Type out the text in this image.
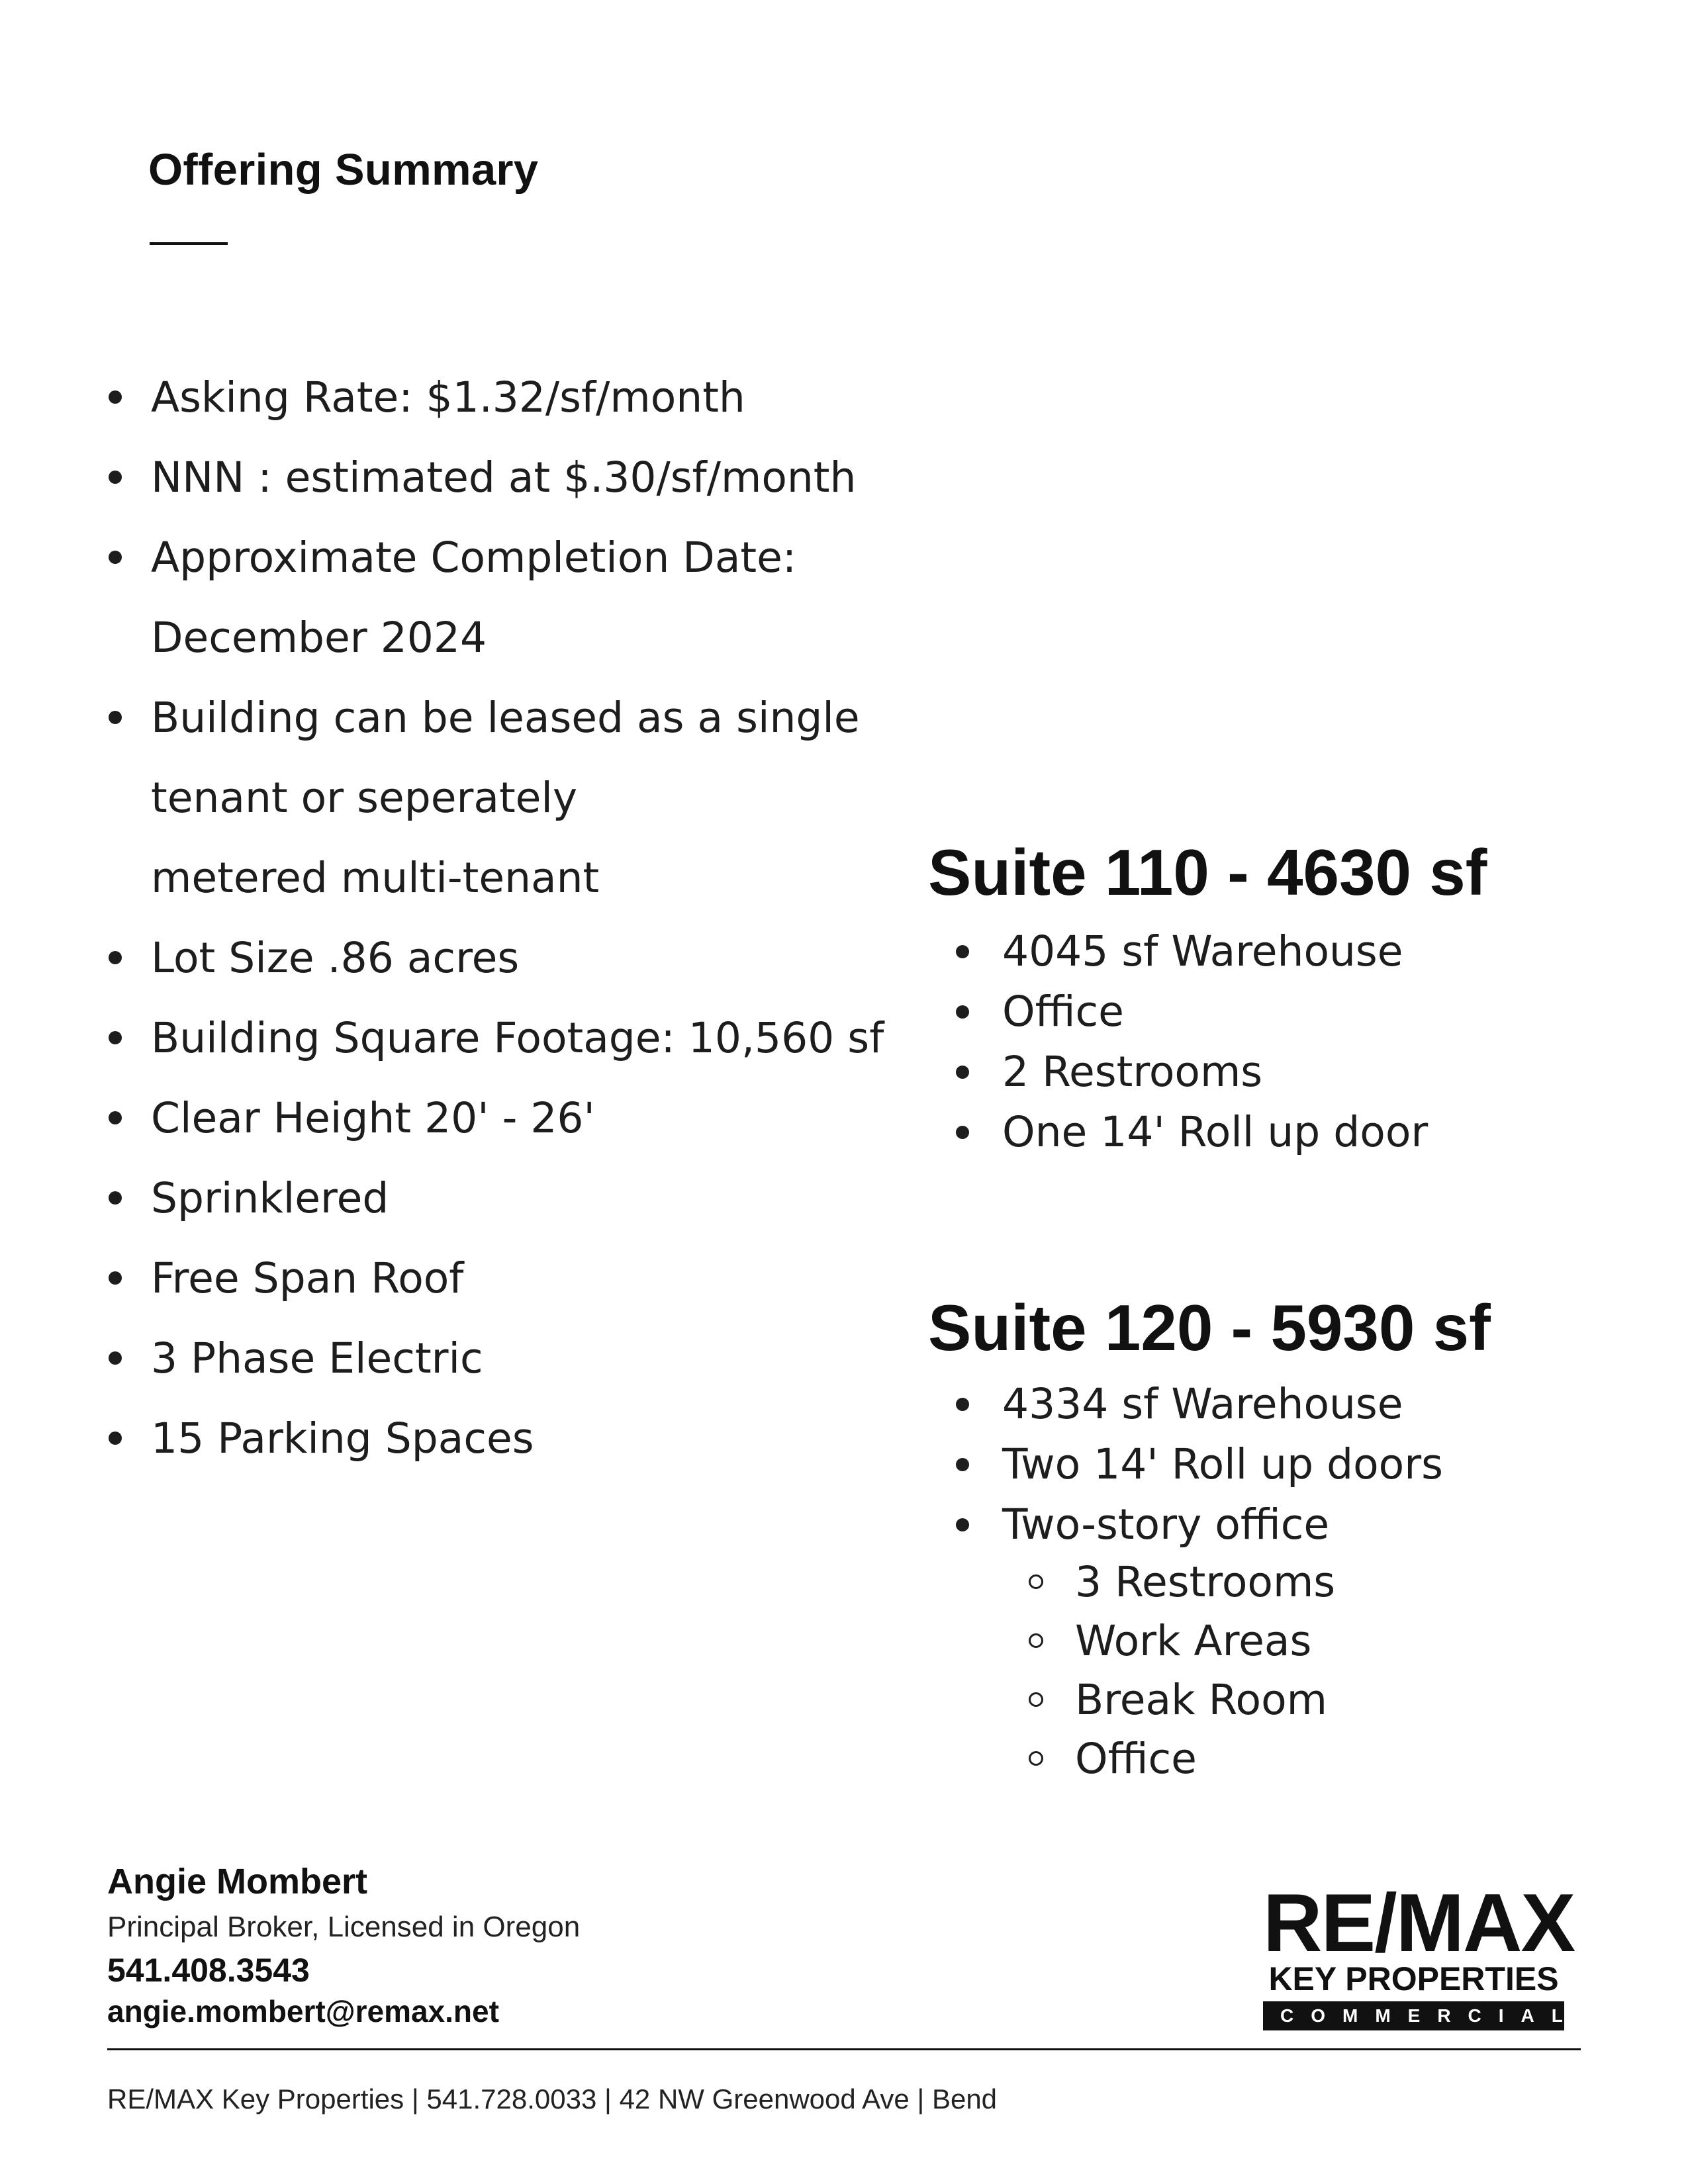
Offering Summary
Asking Rate: $1.32/sf/month
NNN : estimated at $.30/sf/month
Approximate Completion Date: December 2024
Building can be leased as a single tenant or seperately
metered multi-tenant
Lot Size .86 acres
Building Square Footage: 10,560 sf
Clear Height 20' - 26'
Sprinklered
Free Span Roof
3 Phase Electric
15 Parking Spaces
Suite 110 - 4630 sf
4045 sf Warehouse
Office
2 Restrooms
One 14' Roll up door
Suite 120 - 5930 sf
4334 sf Warehouse
Two 14' Roll up doors
Two-story office
3 Restrooms
Work Areas
Break Room
Office
Angie Mombert
Principal Broker, Licensed in Oregon
541.408.3543
angie.mombert@remax.net
RE/MAX
KEY PROPERTIES
COMMERCIAL
RE/MAX Key Properties | 541.728.0033 | 42 NW Greenwood Ave | Bend
